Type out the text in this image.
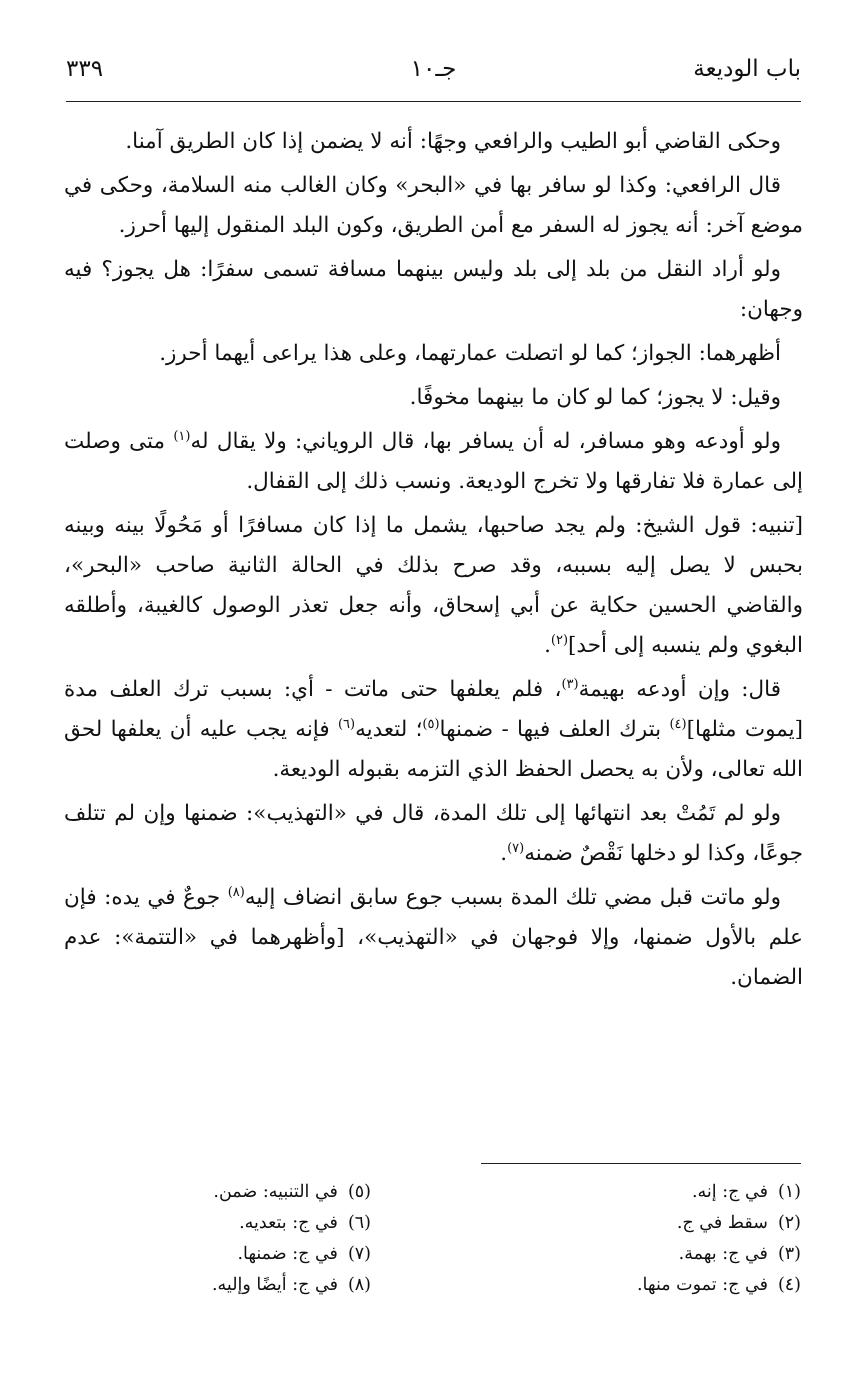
باب الوديعة
جـ١٠
٣٣٩

وحكى القاضي أبو الطيب والرافعي وجهًا: أنه لا يضمن إذا كان الطريق آمنا.

قال الرافعي: وكذا لو سافر بها في «البحر» وكان الغالب منه السلامة، وحكى في موضع آخر: أنه يجوز له السفر مع أمن الطريق، وكون البلد المنقول إليها أحرز.

ولو أراد النقل من بلد إلى بلد وليس بينهما مسافة تسمى سفرًا: هل يجوز؟ فيه وجهان:

أظهرهما: الجواز؛ كما لو اتصلت عمارتهما، وعلى هذا يراعى أيهما أحرز.

وقيل: لا يجوز؛ كما لو كان ما بينهما مخوفًا.

ولو أودعه وهو مسافر، له أن يسافر بها، قال الروياني: ولا يقال له$^{(١)}$ متى وصلت إلى عمارة فلا تفارقها ولا تخرج الوديعة. ونسب ذلك إلى القفال.

[تنبيه: قول الشيخ: ولم يجد صاحبها، يشمل ما إذا كان مسافرًا أو مَحُولًا بينه وبينه بحبس لا يصل إليه بسببه، وقد صرح بذلك في الحالة الثانية صاحب «البحر»، والقاضي الحسين حكاية عن أبي إسحاق، وأنه جعل تعذر الوصول كالغيبة، وأطلقه البغوي ولم ينسبه إلى أحد]$^{(٢)}$.

قال: وإن أودعه بهيمة$^{(٣)}$، فلم يعلفها حتى ماتت - أي: بسبب ترك العلف مدة [يموت مثلها]$^{(٤)}$ بترك العلف فيها - ضمنها$^{(٥)}$؛ لتعديه$^{(٦)}$ فإنه يجب عليه أن يعلفها لحق الله تعالى، ولأن به يحصل الحفظ الذي التزمه بقبوله الوديعة.

ولو لم تَمُتْ بعد انتهائها إلى تلك المدة، قال في «التهذيب»: ضمنها وإن لم تتلف جوعًا، وكذا لو دخلها نَقْصٌ ضمنه$^{(٧)}$.

ولو ماتت قبل مضي تلك المدة بسبب جوع سابق انضاف إليه$^{(٨)}$ جوعٌ في يده: فإن علم بالأول ضمنها، وإلا فوجهان في «التهذيب»، [وأظهرهما في «التتمة»: عدم الضمان.

(١)في ج: إنه.
(٢)سقط في ج.
(٣)في ج: بهمة.
(٤)في ج: تموت منها.
(٥)في التنبيه: ضمن.
(٦)في ج: بتعديه.
(٧)في ج: ضمنها.
(٨)في ج: أيضًا وإليه.
